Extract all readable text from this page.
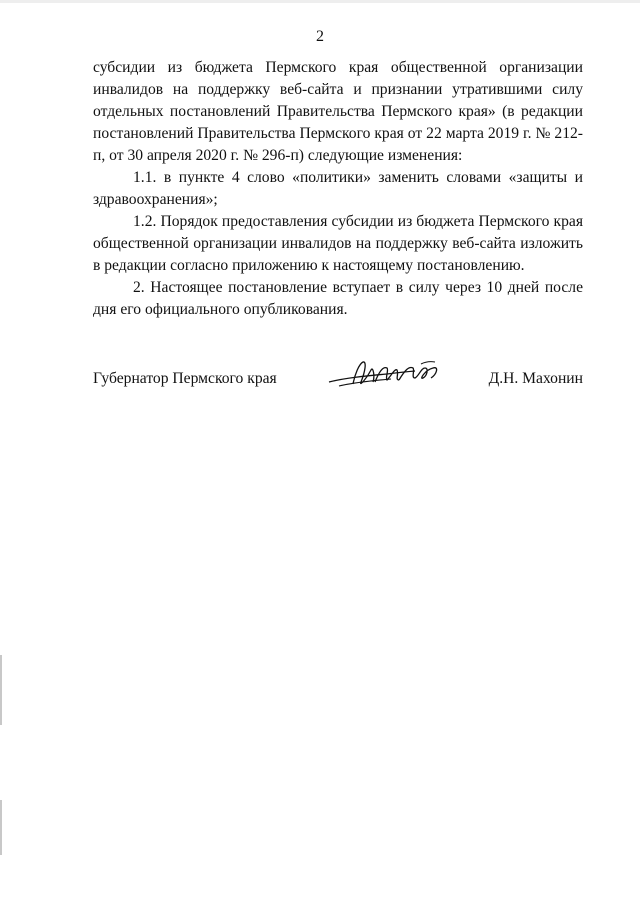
2

субсидии из бюджета Пермского края общественной организации инвалидов на поддержку веб-сайта и признании утратившими силу отдельных постановлений Правительства Пермского края» (в редакции постановлений Правительства Пермского края от 22 марта 2019 г. № 212-п, от 30 апреля 2020 г. № 296-п) следующие изменения:

1.1. в пункте 4 слово «политики» заменить словами «защиты и здравоохранения»;

1.2. Порядок предоставления субсидии из бюджета Пермского края общественной организации инвалидов на поддержку веб-сайта изложить в редакции согласно приложению к настоящему постановлению.

2. Настоящее постановление вступает в силу через 10 дней после дня его официального опубликования.

Губернатор Пермского края	Д.Н. Махонин
